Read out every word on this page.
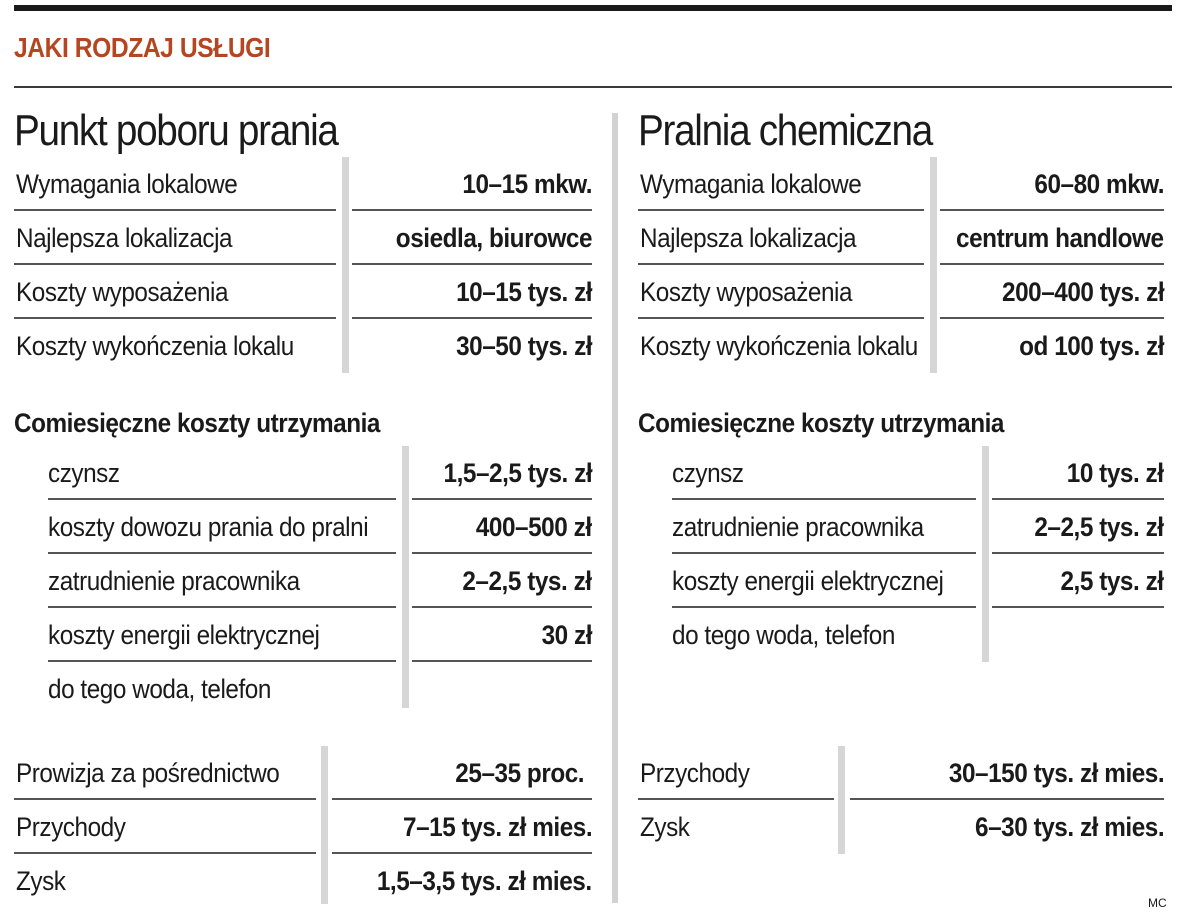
JAKI RODZAJ USŁUGI
Punkt poboru prania
Wymagania lokalowe	10–15 mkw.
Najlepsza lokalizacja	osiedla, biurowce
Koszty wyposażenia	10–15 tys. zł
Koszty wykończenia lokalu	30–50 tys. zł
Comiesięczne koszty utrzymania
czynsz	1,5–2,5 tys. zł
koszty dowozu prania do pralni	400–500 zł
zatrudnienie pracownika	2–2,5 tys. zł
koszty energii elektrycznej	30 zł
do tego woda, telefon
Prowizja za pośrednictwo	25–35 proc.
Przychody	7–15 tys. zł mies.
Zysk	1,5–3,5 tys. zł mies.
Pralnia chemiczna
Wymagania lokalowe	60–80 mkw.
Najlepsza lokalizacja	centrum handlowe
Koszty wyposażenia	200–400 tys. zł
Koszty wykończenia lokalu	od 100 tys. zł
Comiesięczne koszty utrzymania
czynsz	10 tys. zł
zatrudnienie pracownika	2–2,5 tys. zł
koszty energii elektrycznej	2,5 tys. zł
do tego woda, telefon
Przychody	30–150 tys. zł mies.
Zysk	6–30 tys. zł mies.
MC
